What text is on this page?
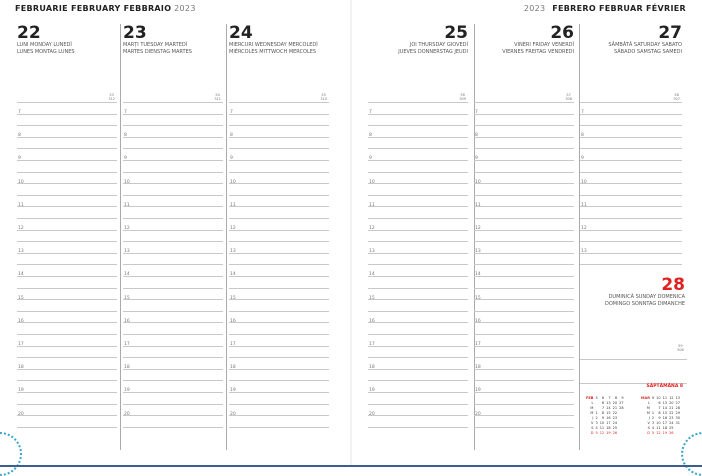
FEBRUARIE FEBRUARY FEBBRAIO 2023	2023 FEBRERO FEBRUAR FÉVRIER
22
LUNI MONDAY LUNEDÌ
LUNES MONTAG LUNES
53
312
7
8
9
10
11
12
13
14
15
16
17
18
19
20
23
MARȚI TUESDAY MARTEDÌ
MARTES DIENSTAG MARTES
54
311
7
8
9
10
11
12
13
14
15
16
17
18
19
20
24
MIERCURI WEDNESDAY MERCOLEDÌ
MIÉRCOLES MITTWOCH MERCOLES
55
310
7
8
9
10
11
12
13
14
15
16
17
18
19
20
25
JOI THURSDAY GIOVEDÌ
JUEVES DONNERSTAG JEUDI
56
309
7
8
9
10
11
12
13
14
15
16
17
18
19
20
26
VINERI FRIDAY VENERDÌ
VIERNES FREITAG VENDREDI
57
308
7
8
9
10
11
12
13
14
15
16
17
18
19
20
27
SÂMBĂTĂ SATURDAY SABATO
SÁBADO SAMSTAG SAMEDI
58
307
7
8
9
10
11
12
13
28
DUMINICĂ SUNDAY DOMENICA
DOMINGO SONNTAG DIMANCHE
59
306
SĂPTĂMÂNA 8
FEB	5	6	7	8	9
L		6	13	20	27
M		7	14	21	28
M	1	8	15	22	
J	2	9	16	23	
V	3	10	17	24	
S	4	11	18	25	
D	5	12	19	26	
MAR	9	10	11	12	13
L		6	13	20	27
M		7	14	21	28
M	1	8	15	22	29
J	2	9	16	23	30
V	3	10	17	24	31
S	4	11	18	25	
D	5	12	19	26	
